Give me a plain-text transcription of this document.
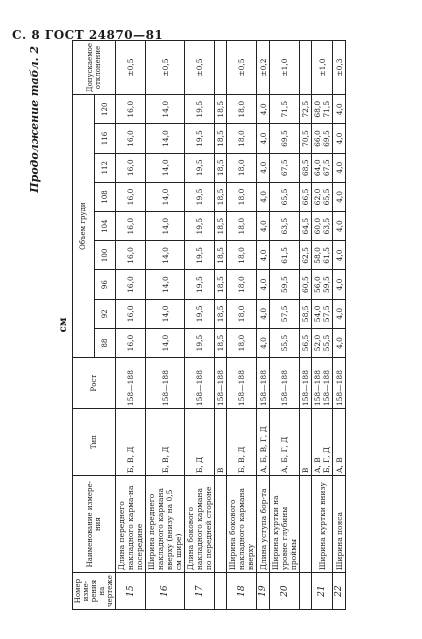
С. 8 ГОСТ 24870—81
Продолжение табл. 2
см
Номер изме-рения на чертеже	Наименование измере-ния	Тип	Рост	Объем груди									Допускаемое отклонение
				88	92	96	100	104	108	112	116	120	
15	Длина переднего накладного карма-на посередине	Б, В, Д	158—188	16,0	16,0	16,0	16,0	16,0	16,0	16,0	16,0	16,0	±0,5
16	Ширина переднего накладного кармана вверху (внизу на 0,5 см шире)	Б, В, Д	158—188	14,0	14,0	14,0	14,0	14,0	14,0	14,0	14,0	14,0	±0,5
17	Длина бокового накладного кармана по передней стороне	Б, Д	158—188	19,5	19,5	19,5	19,5	19,5	19,5	19,5	19,5	19,5	±0,5

		В	158—188	18,5	18,5	18,5	18,5	18,5	18,5	18,5	18,5	18,5	

18	Ширина бокового накладного кармана вверху	Б, В, Д	158—188	18,0	18,0	18,0	18,0	18,0	18,0	18,0	18,0	18,0	±0,5
19	Длина уступа бор-та	А, Б, В, Г, Д	158—188	4,0	4,0	4,0	4,0	4,0	4,0	4,0	4,0	4,0	±0,2
20	Ширина куртки на уровне глубины проймы	А, Б, Г, Д	158—188	55,5	57,5	59,5	61,5	63,5	65,5	67,5	69,5	71,5	±1,0

		В	158—188	56,5	58,5	60,5	62,5	64,5	66,5	68,5	70,5	72,5	

21	Ширина куртки внизу	А, В Б, Г, Д	158—188 158—188	52,0 55,5	54,0 57,5	56,0 59,5	58,0 61,5	60,0 63,5	62,0 65,5	64,0 67,5	66,0 69,5	68,0 71,5	±1,0
22	Ширина пояса	А, В	158—188	4,0	4,0	4,0	4,0	4,0	4,0	4,0	4,0	4,0	±0,3
